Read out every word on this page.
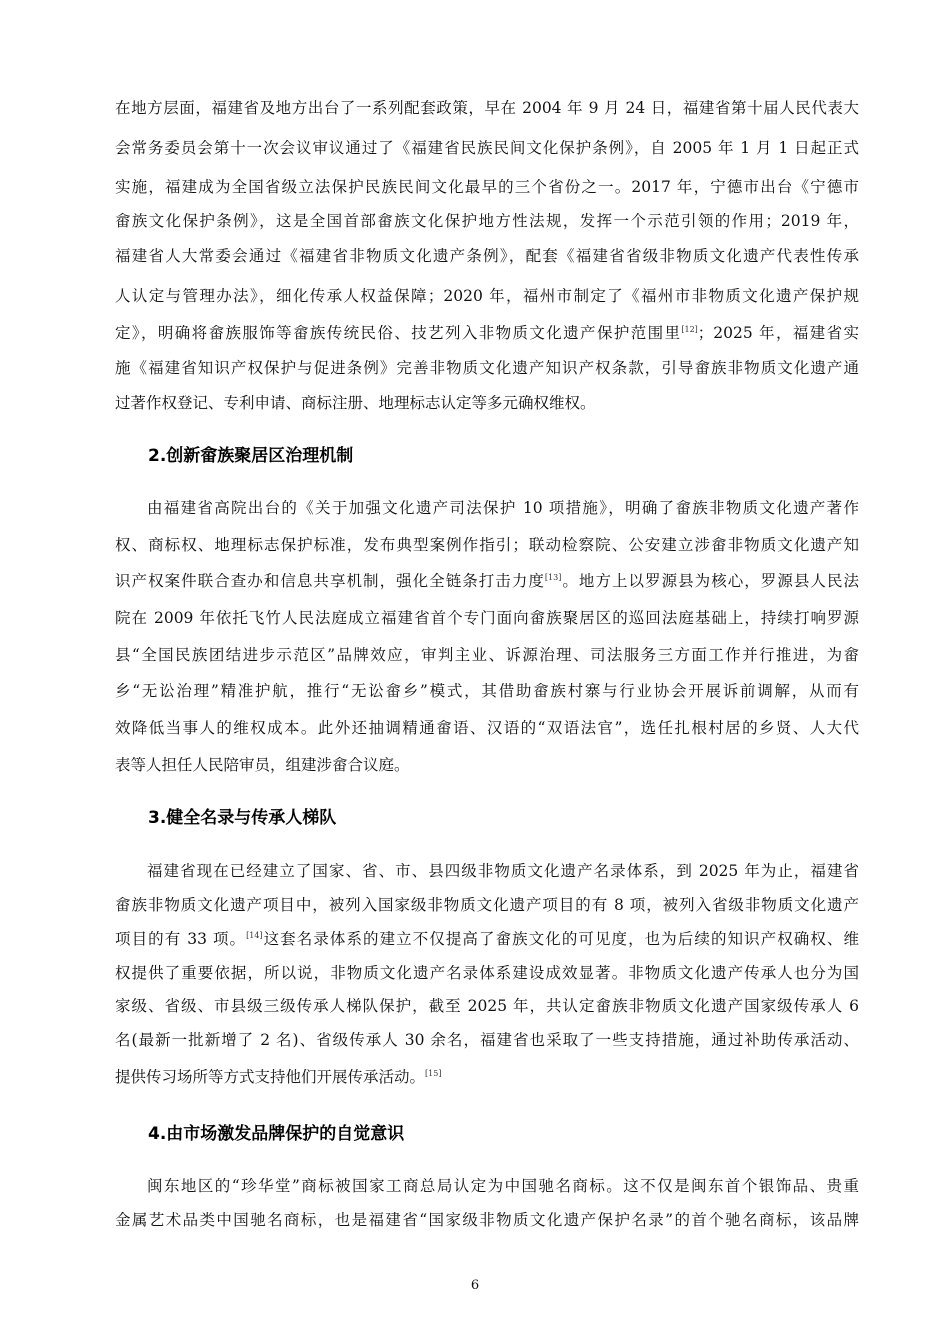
在地方层面，福建省及地方出台了一系列配套政策，早在 2004 年 9 月 24 日，福建省第十届人民代表大
会常务委员会第十一次会议审议通过了《福建省民族民间文化保护条例》，自 2005 年 1 月 1 日起正式
实施，福建成为全国省级立法保护民族民间文化最早的三个省份之一。2017 年，宁德市出台《宁德市
畲族文化保护条例》，这是全国首部畲族文化保护地方性法规，发挥一个示范引领的作用；2019 年，
福建省人大常委会通过《福建省非物质文化遗产条例》，配套《福建省省级非物质文化遗产代表性传承
人认定与管理办法》，细化传承人权益保障；2020 年，福州市制定了《福州市非物质文化遗产保护规
定》，明确将畲族服饰等畲族传统民俗、技艺列入非物质文化遗产保护范围里[12]；2025 年，福建省实
施《福建省知识产权保护与促进条例》完善非物质文化遗产知识产权条款，引导畲族非物质文化遗产通
过著作权登记、专利申请、商标注册、地理标志认定等多元确权维权。
2.创新畲族聚居区治理机制
由福建省高院出台的《关于加强文化遗产司法保护 10 项措施》，明确了畲族非物质文化遗产著作
权、商标权、地理标志保护标准，发布典型案例作指引；联动检察院、公安建立涉畲非物质文化遗产知
识产权案件联合查办和信息共享机制，强化全链条打击力度[13]。地方上以罗源县为核心，罗源县人民法
院在 2009 年依托飞竹人民法庭成立福建省首个专门面向畲族聚居区的巡回法庭基础上，持续打响罗源
县“全国民族团结进步示范区”品牌效应，审判主业、诉源治理、司法服务三方面工作并行推进，为畲
乡“无讼治理”精准护航，推行“无讼畲乡”模式，其借助畲族村寨与行业协会开展诉前调解，从而有
效降低当事人的维权成本。此外还抽调精通畲语、汉语的“双语法官”，选任扎根村居的乡贤、人大代
表等人担任人民陪审员，组建涉畲合议庭。
3.健全名录与传承人梯队
福建省现在已经建立了国家、省、市、县四级非物质文化遗产名录体系，到 2025 年为止，福建省
畲族非物质文化遗产项目中，被列入国家级非物质文化遗产项目的有 8 项，被列入省级非物质文化遗产
项目的有 33 项。[14]这套名录体系的建立不仅提高了畲族文化的可见度，也为后续的知识产权确权、维
权提供了重要依据，所以说，非物质文化遗产名录体系建设成效显著。非物质文化遗产传承人也分为国
家级、省级、市县级三级传承人梯队保护，截至 2025 年，共认定畲族非物质文化遗产国家级传承人 6
名(最新一批新增了 2 名)、省级传承人 30 余名，福建省也采取了一些支持措施，通过补助传承活动、
提供传习场所等方式支持他们开展传承活动。[15]
4.由市场激发品牌保护的自觉意识
闽东地区的“珍华堂”商标被国家工商总局认定为中国驰名商标。这不仅是闽东首个银饰品、贵重
金属艺术品类中国驰名商标，也是福建省“国家级非物质文化遗产保护名录”的首个驰名商标，该品牌
6
